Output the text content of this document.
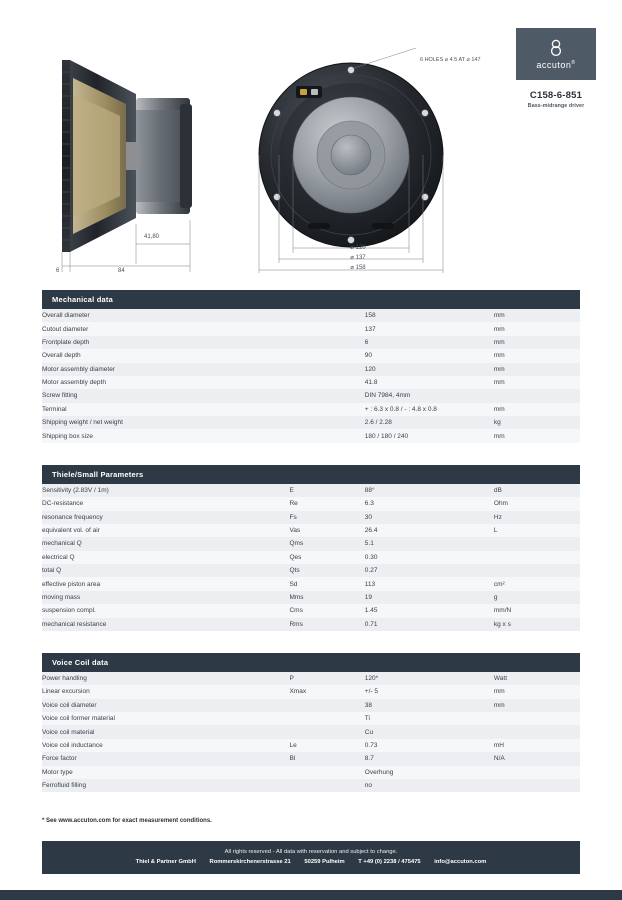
41,80
6	84
6 HOLES ⌀ 4.5 AT ⌀ 147
⌀ 120
⌀ 137
⌀ 158
accuton®
C158-6-851
Bass-midrange driver
Mechanical data
Overall diameter		158	mm
Cutout diameter		137	mm
Frontplate depth		6	mm
Overall depth		90	mm
Motor assembly diameter		120	mm
Motor assembly depth		41.8	mm
Screw fitting		DIN 7984, 4mm	
Terminal		+ : 6.3 x 0.8 / - : 4.8 x 0.8	mm
Shipping weight / net weight		2.6 / 2.28	kg
Shipping box size		180 / 180 / 240	mm
Thiele/Small Parameters
Sensitivity (2.83V / 1m)	E	88°	dB
DC-resistance	Re	6.3	Ohm
resonance frequency	Fs	30	Hz
equivalent vol. of air	Vas	26.4	L
mechanical Q	Qms	5.1	
electrical Q	Qes	0.30	
total Q	Qts	0.27	
effective piston area	Sd	113	cm²
moving mass	Mms	19	g
suspension compl.	Cms	1.45	mm/N
mechanical resistance	Rms	0.71	kg x s
Voice Coil data
Power handling	P	120*	Watt
Linear excursion	Xmax	+/- 5	mm
Voice coil diameter		38	mm
Voice coil former material		Ti	
Voice coil material		Cu	
Voice coil inductance	Le	0.73	mH
Force factor	Bl	8.7	N/A
Motor type		Overhung	
Ferrofluid filling		no	
* See www.accuton.com for exact measurement conditions.
All rights reserved - All data with reservation and subject to change.
Thiel & Partner GmbH Rommerskirchenerstrasse 21 50259 Pulheim T +49 (0) 2238 / 475475 info@accuton.com
